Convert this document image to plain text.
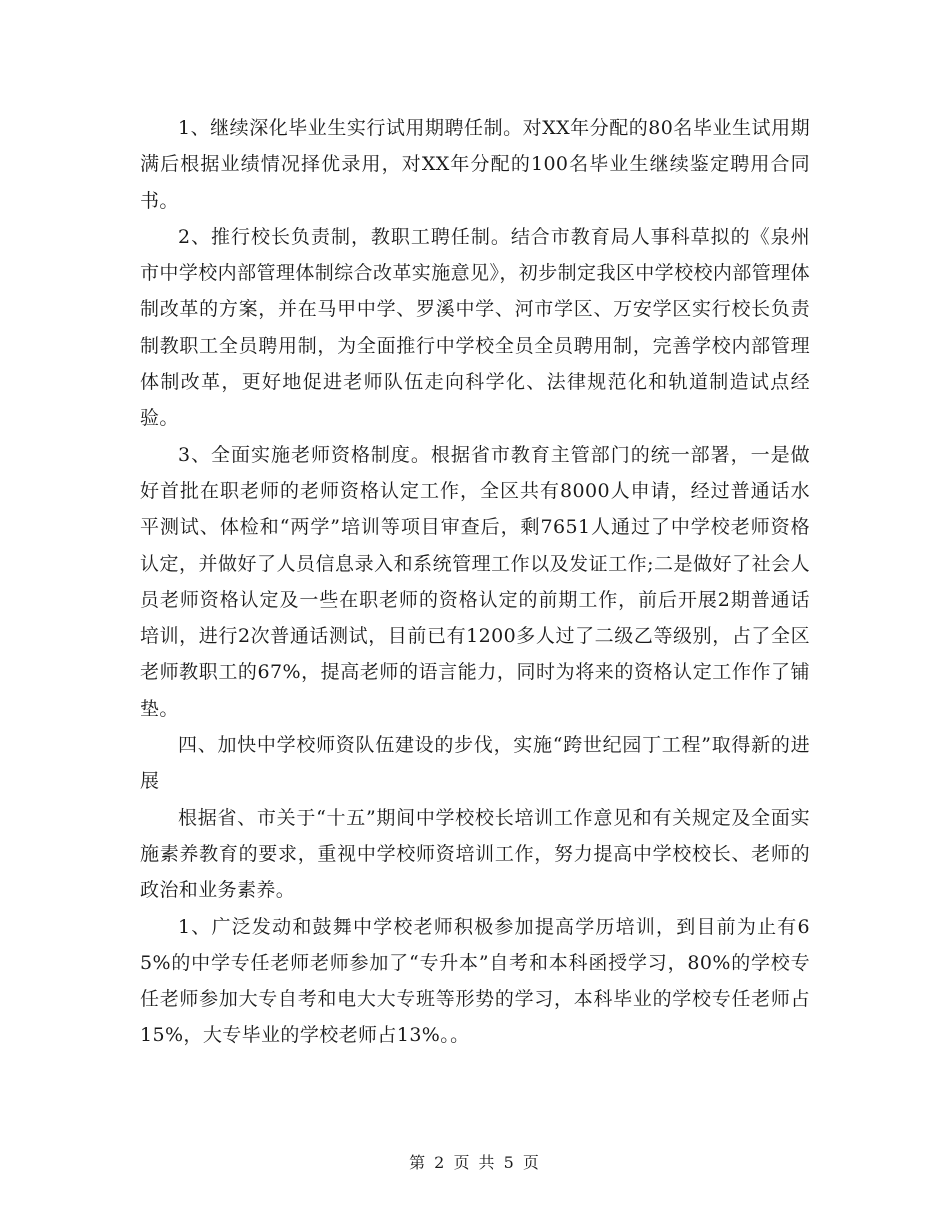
1、继续深化毕业生实行试用期聘任制。对XX年分配的80名毕业生试用期满后根据业绩情况择优录用，对XX年分配的100名毕业生继续鉴定聘用合同书。

2、推行校长负责制，教职工聘任制。结合市教育局人事科草拟的《泉州市中学校内部管理体制综合改革实施意见》，初步制定我区中学校校内部管理体制改革的方案，并在马甲中学、罗溪中学、河市学区、万安学区实行校长负责制教职工全员聘用制，为全面推行中学校全员全员聘用制，完善学校内部管理体制改革，更好地促进老师队伍走向科学化、法律规范化和轨道制造试点经验。

3、全面实施老师资格制度。根据省市教育主管部门的统一部署，一是做好首批在职老师的老师资格认定工作，全区共有8000人申请，经过普通话水平测试、体检和“两学”培训等项目审查后，剩7651人通过了中学校老师资格认定，并做好了人员信息录入和系统管理工作以及发证工作;二是做好了社会人员老师资格认定及一些在职老师的资格认定的前期工作，前后开展2期普通话培训，进行2次普通话测试，目前已有1200多人过了二级乙等级别，占了全区老师教职工的67%，提高老师的语言能力，同时为将来的资格认定工作作了铺垫。

四、加快中学校师资队伍建设的步伐，实施“跨世纪园丁工程”取得新的进展

根据省、市关于“十五”期间中学校校长培训工作意见和有关规定及全面实施素养教育的要求，重视中学校师资培训工作，努力提高中学校校长、老师的政治和业务素养。

1、广泛发动和鼓舞中学校老师积极参加提高学历培训，到目前为止有65%的中学专任老师老师参加了“专升本”自考和本科函授学习，80%的学校专任老师参加大专自考和电大大专班等形势的学习，本科毕业的学校专任老师占15%，大专毕业的学校老师占13%。。

第 2 页 共 5 页
